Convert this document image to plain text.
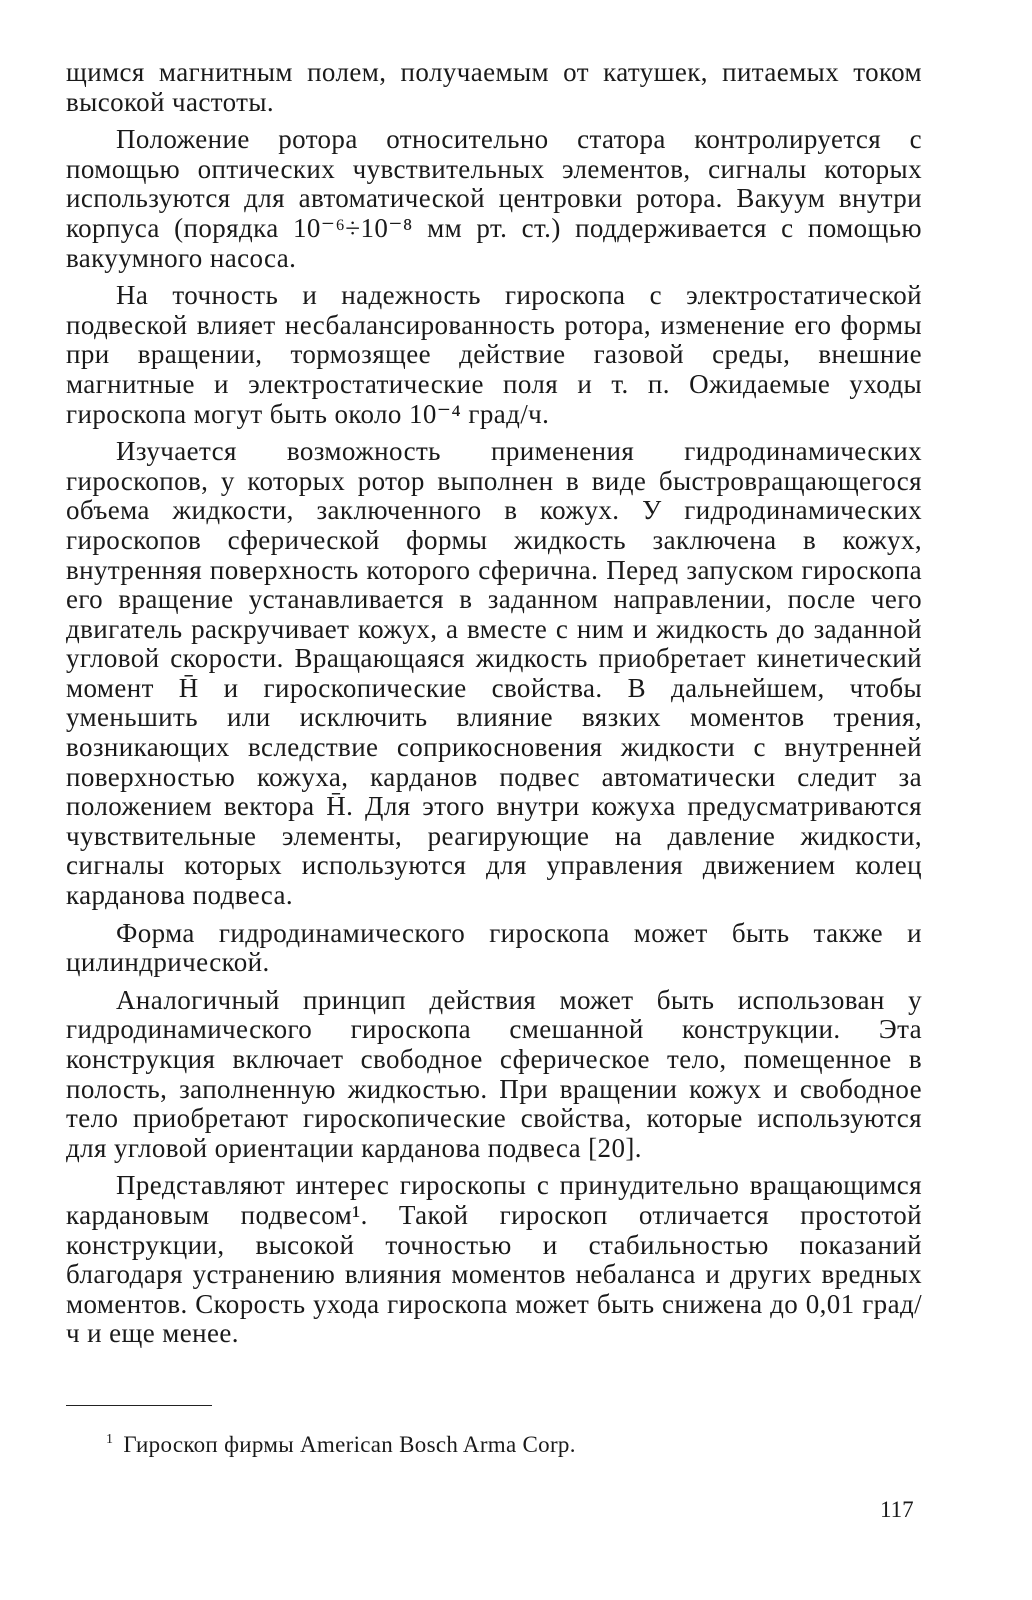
щимся магнитным полем, получаемым от катушек, питаемых током высокой частоты.

Положение ротора относительно статора контролируется с помощью оптических чувствительных элементов, сигналы которых используются для автоматической центровки ротора. Вакуум внутри корпуса (порядка 10⁻⁶÷10⁻⁸ мм рт. ст.) поддерживается с помощью вакуумного насоса.

На точность и надежность гироскопа с электростатической подвеской влияет несбалансированность ротора, изменение его формы при вращении, тормозящее действие газовой среды, внешние магнитные и электростатические поля и т. п. Ожидаемые уходы гироскопа могут быть около 10⁻⁴ град/ч.

Изучается возможность применения гидродинамических гироскопов, у которых ротор выполнен в виде быстровращающегося объема жидкости, заключенного в кожух. У гидродинамических гироскопов сферической формы жидкость заключена в кожух, внутренняя поверхность которого сферична. Перед запуском гироскопа его вращение устанавливается в заданном направлении, после чего двигатель раскручивает кожух, а вместе с ним и жидкость до заданной угловой скорости. Вращающаяся жидкость приобретает кинетический момент H̄ и гироскопические свойства. В дальнейшем, чтобы уменьшить или исключить влияние вязких моментов трения, возникающих вследствие соприкосновения жидкости с внутренней поверхностью кожуха, карданов подвес автоматически следит за положением вектора H̄. Для этого внутри кожуха предусматриваются чувствительные элементы, реагирующие на давление жидкости, сигналы которых используются для управления движением колец карданова подвеса.

Форма гидродинамического гироскопа может быть также и цилиндрической.

Аналогичный принцип действия может быть использован у гидродинамического гироскопа смешанной конструкции. Эта конструкция включает свободное сферическое тело, помещенное в полость, заполненную жидкостью. При вращении кожух и свободное тело приобретают гироскопические свойства, которые используются для угловой ориентации карданова подвеса [20].

Представляют интерес гироскопы с принудительно вращающимся кардановым подвесом¹. Такой гироскоп отличается простотой конструкции, высокой точностью и стабильностью показаний благодаря устранению влияния моментов небаланса и других вредных моментов. Скорость ухода гироскопа может быть снижена до 0,01 град/ч и еще менее.

$^1$ Гироскоп фирмы American Bosch Arma Corp.
117
